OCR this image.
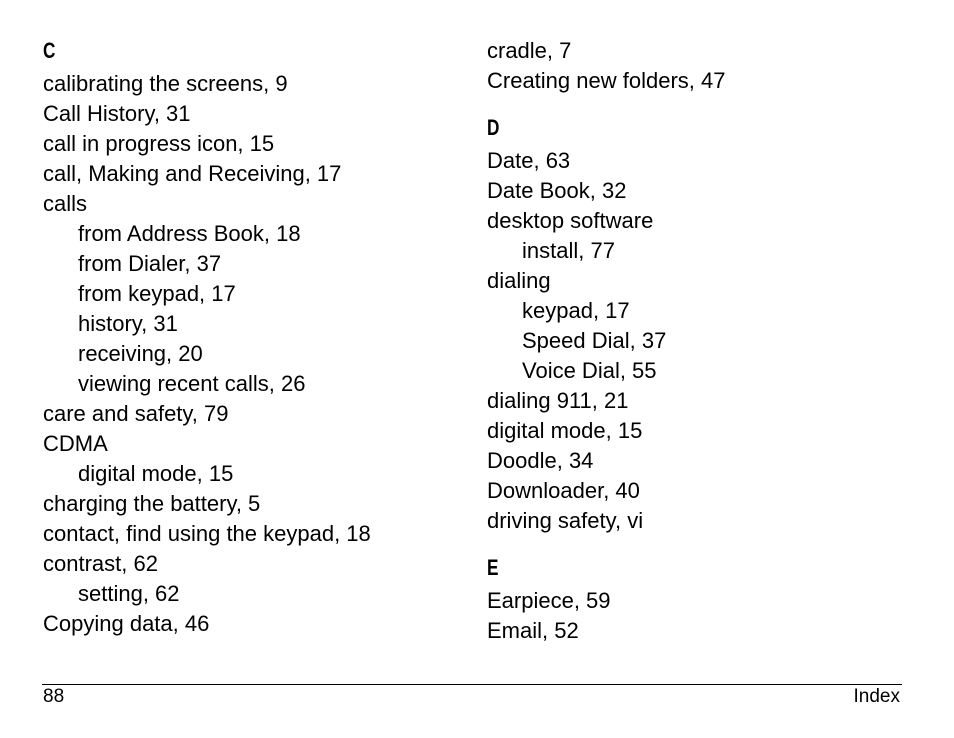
C
calibrating the screens, 9
Call History, 31
call in progress icon, 15
call, Making and Receiving, 17
calls
from Address Book, 18
from Dialer, 37
from keypad, 17
history, 31
receiving, 20
viewing recent calls, 26
care and safety, 79
CDMA
digital mode, 15
charging the battery, 5
contact, find using the keypad, 18
contrast, 62
setting, 62
Copying data, 46
cradle, 7
Creating new folders, 47
D
Date, 63
Date Book, 32
desktop software
install, 77
dialing
keypad, 17
Speed Dial, 37
Voice Dial, 55
dialing 911, 21
digital mode, 15
Doodle, 34
Downloader, 40
driving safety, vi
E
Earpiece, 59
Email, 52
88	Index
